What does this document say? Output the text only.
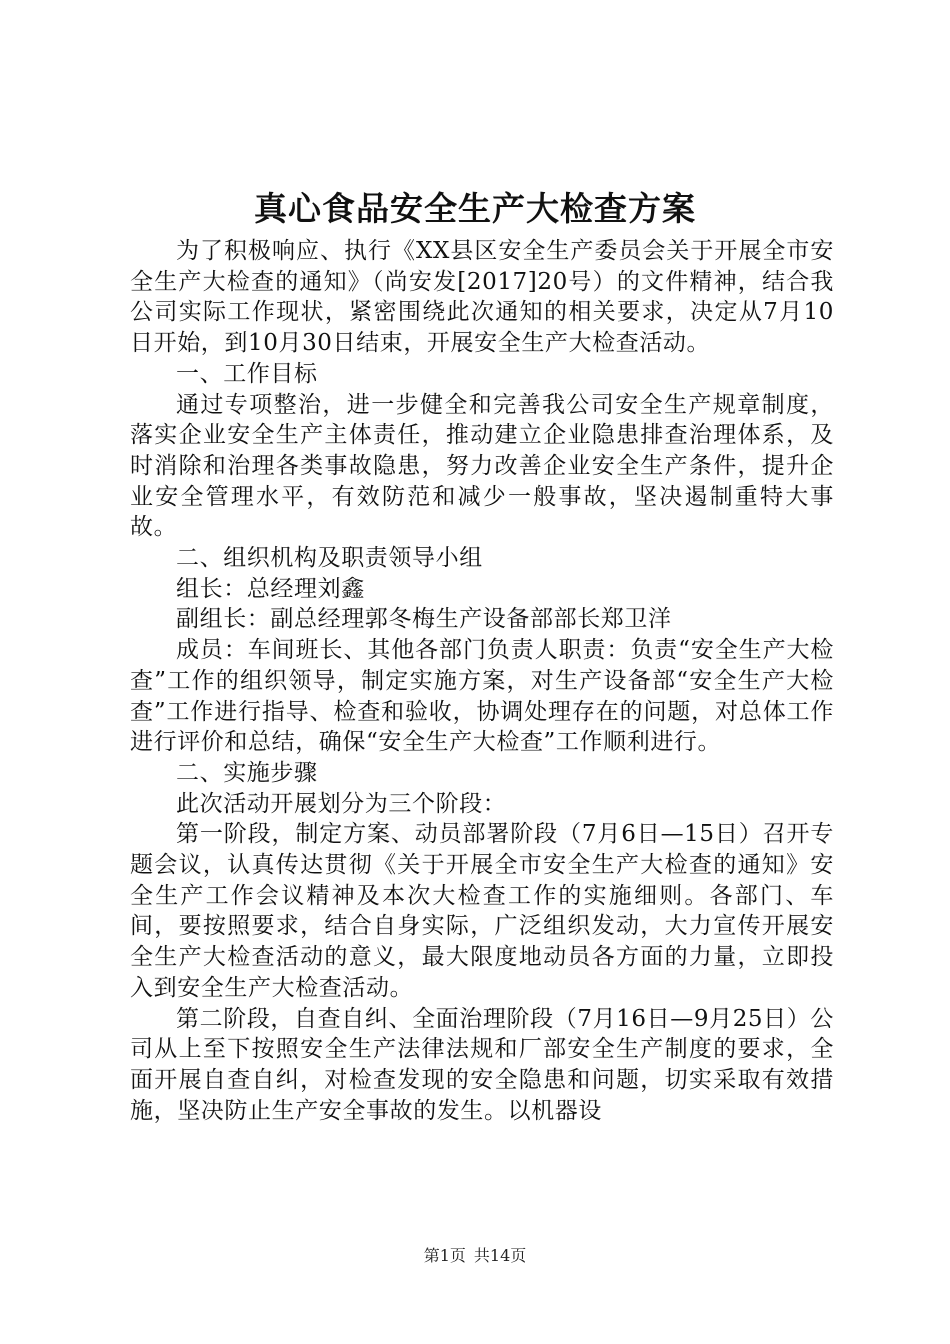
真心食品安全生产大检查方案

为了积极响应、执行《XX县区安全生产委员会关于开展全市安全生产大检查的通知》（尚安发[2017]20号）的文件精神，结合我公司实际工作现状，紧密围绕此次通知的相关要求，决定从7月10日开始，到10月30日结束，开展安全生产大检查活动。

一、工作目标

通过专项整治，进一步健全和完善我公司安全生产规章制度，落实企业安全生产主体责任，推动建立企业隐患排查治理体系，及时消除和治理各类事故隐患，努力改善企业安全生产条件，提升企业安全管理水平，有效防范和减少一般事故，坚决遏制重特大事故。

二、组织机构及职责领导小组

组长：总经理刘鑫

副组长：副总经理郭冬梅生产设备部部长郑卫洋

成员：车间班长、其他各部门负责人职责：负责“安全生产大检查”工作的组织领导，制定实施方案，对生产设备部“安全生产大检查”工作进行指导、检查和验收，协调处理存在的问题，对总体工作进行评价和总结，确保“安全生产大检查”工作顺利进行。

二、实施步骤

此次活动开展划分为三个阶段：

第一阶段，制定方案、动员部署阶段（7月6日—15日）召开专题会议，认真传达贯彻《关于开展全市安全生产大检查的通知》安全生产工作会议精神及本次大检查工作的实施细则。各部门、车间，要按照要求，结合自身实际，广泛组织发动，大力宣传开展安全生产大检查活动的意义，最大限度地动员各方面的力量，立即投入到安全生产大检查活动。

第二阶段，自查自纠、全面治理阶段（7月16日—9月25日）公司从上至下按照安全生产法律法规和厂部安全生产制度的要求，全面开展自查自纠，对检查发现的安全隐患和问题，切实采取有效措施，坚决防止生产安全事故的发生。以机器设

第1页 共14页
